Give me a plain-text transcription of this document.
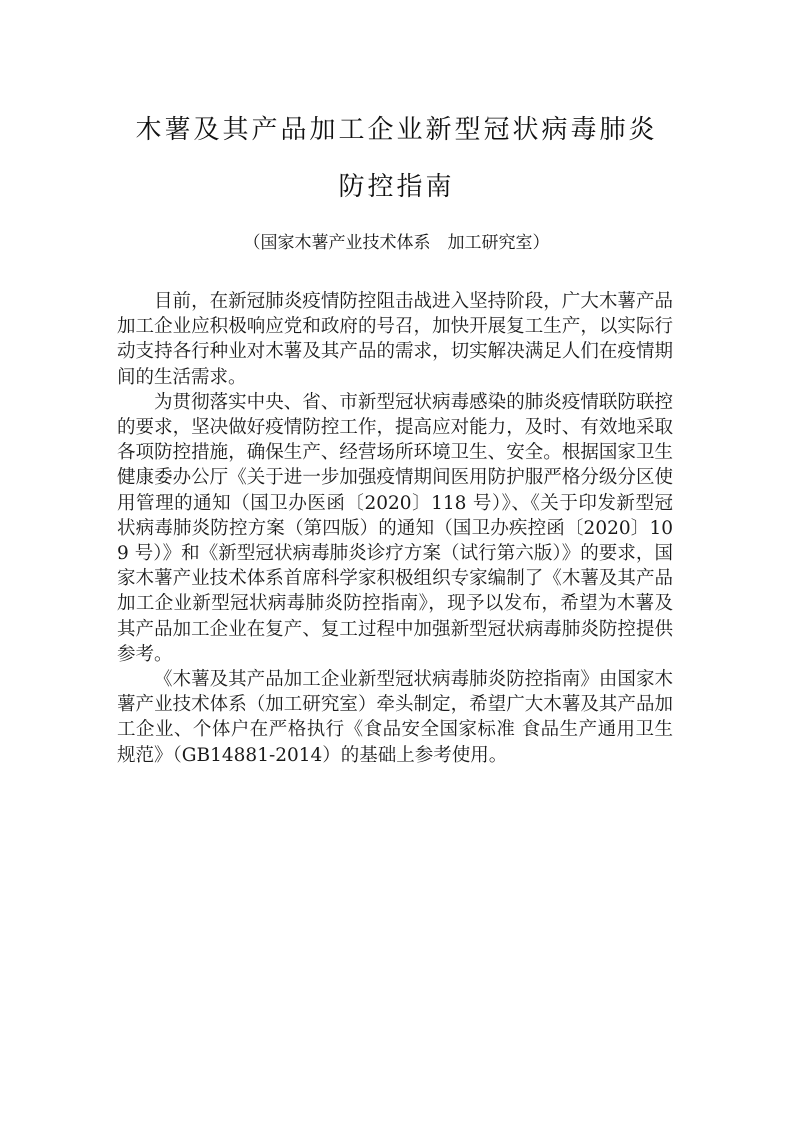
木薯及其产品加工企业新型冠状病毒肺炎
防控指南
（国家木薯产业技术体系　加工研究室）

目前，在新冠肺炎疫情防控阻击战进入坚持阶段，广大木薯产品加工企业应积极响应党和政府的号召，加快开展复工生产，以实际行动支持各行种业对木薯及其产品的需求，切实解决满足人们在疫情期间的生活需求。

为贯彻落实中央、省、市新型冠状病毒感染的肺炎疫情联防联控的要求，坚决做好疫情防控工作，提高应对能力，及时、有效地采取各项防控措施，确保生产、经营场所环境卫生、安全。根据国家卫生健康委办公厅《关于进一步加强疫情期间医用防护服严格分级分区使用管理的通知（国卫办医函〔2020〕118 号）》、《关于印发新型冠状病毒肺炎防控方案（第四版）的通知（国卫办疾控函〔2020〕109 号）》和《新型冠状病毒肺炎诊疗方案（试行第六版）》的要求，国家木薯产业技术体系首席科学家积极组织专家编制了《木薯及其产品加工企业新型冠状病毒肺炎防控指南》，现予以发布，希望为木薯及其产品加工企业在复产、复工过程中加强新型冠状病毒肺炎防控提供参考。

《木薯及其产品加工企业新型冠状病毒肺炎防控指南》由国家木薯产业技术体系（加工研究室）牵头制定，希望广大木薯及其产品加工企业、个体户在严格执行《食品安全国家标准 食品生产通用卫生规范》（GB14881-2014）的基础上参考使用。
